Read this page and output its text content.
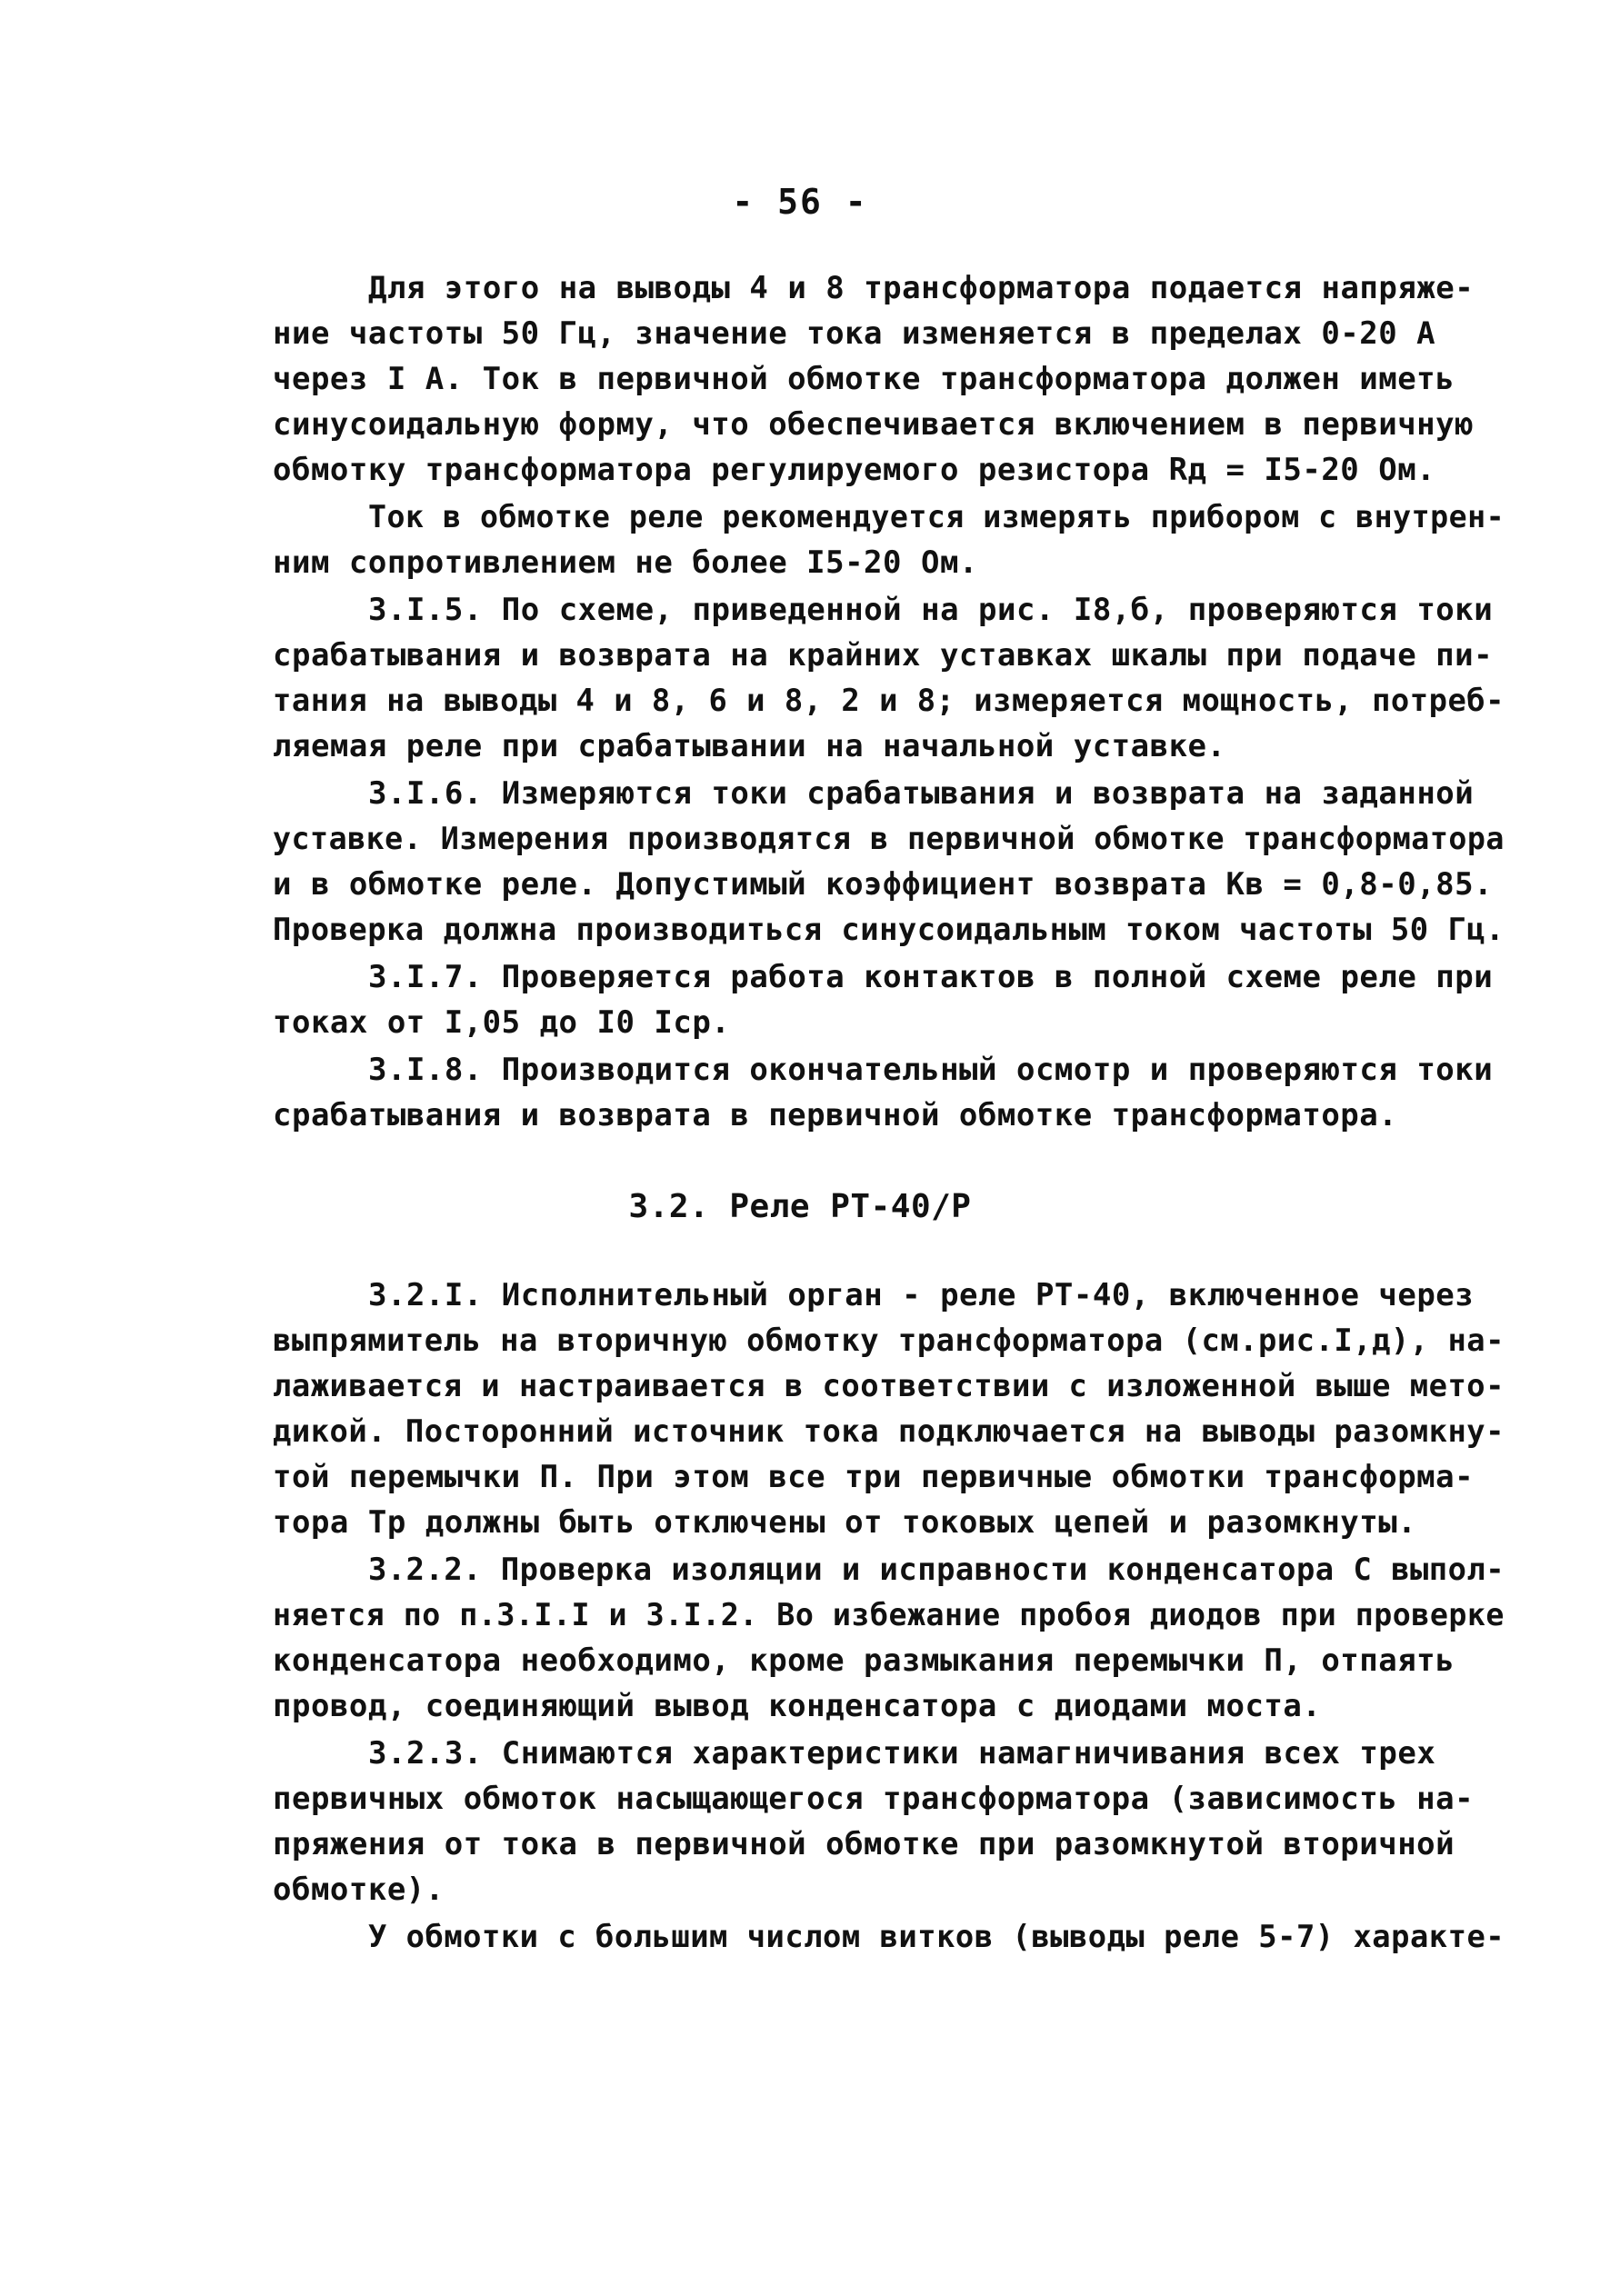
- 56 -
Для этого на выводы 4 и 8 трансформатора подается напряже-
ние частоты 50 Гц, значение тока изменяется в пределах 0-20 А
через I А. Ток в первичной обмотке трансформатора должен иметь
синусоидальную форму, что обеспечивается включением в первичную
обмотку трансформатора регулируемого резистора Rд = I5-20 Ом.
Ток в обмотке реле рекомендуется измерять прибором с внутрен-
ним сопротивлением не более I5-20 Ом.
3.I.5. По схеме, приведенной на рис. I8,б, проверяются токи
срабатывания и возврата на крайних уставках шкалы при подаче пи-
тания на выводы 4 и 8, 6 и 8, 2 и 8; измеряется мощность, потреб-
ляемая реле при срабатывании на начальной уставке.
3.I.6. Измеряются токи срабатывания и возврата на заданной
уставке. Измерения производятся в первичной обмотке трансформатора
и в обмотке реле. Допустимый коэффициент возврата Кв = 0,8-0,85.
Проверка должна производиться синусоидальным током частоты 50 Гц.
3.I.7. Проверяется работа контактов в полной схеме реле при
токах от I,05 до I0 Iср.
3.I.8. Производится окончательный осмотр и проверяются токи
срабатывания и возврата в первичной обмотке трансформатора.
3.2. Реле РТ-40/Р
3.2.I. Исполнительный орган - реле РТ-40, включенное через
выпрямитель на вторичную обмотку трансформатора (см.рис.I,д), на-
лаживается и настраивается в соответствии с изложенной выше мето-
дикой. Посторонний источник тока подключается на выводы разомкну-
той перемычки П. При этом все три первичные обмотки трансформа-
тора Тр должны быть отключены от токовых цепей и разомкнуты.
3.2.2. Проверка изоляции и исправности конденсатора С выпол-
няется по п.3.I.I и 3.I.2. Во избежание пробоя диодов при проверке
конденсатора необходимо, кроме размыкания перемычки П, отпаять
провод, соединяющий вывод конденсатора с диодами моста.
3.2.3. Снимаются характеристики намагничивания всех трех
первичных обмоток насыщающегося трансформатора (зависимость на-
пряжения от тока в первичной обмотке при разомкнутой вторичной
обмотке).
У обмотки с большим числом витков (выводы реле 5-7) характе-
